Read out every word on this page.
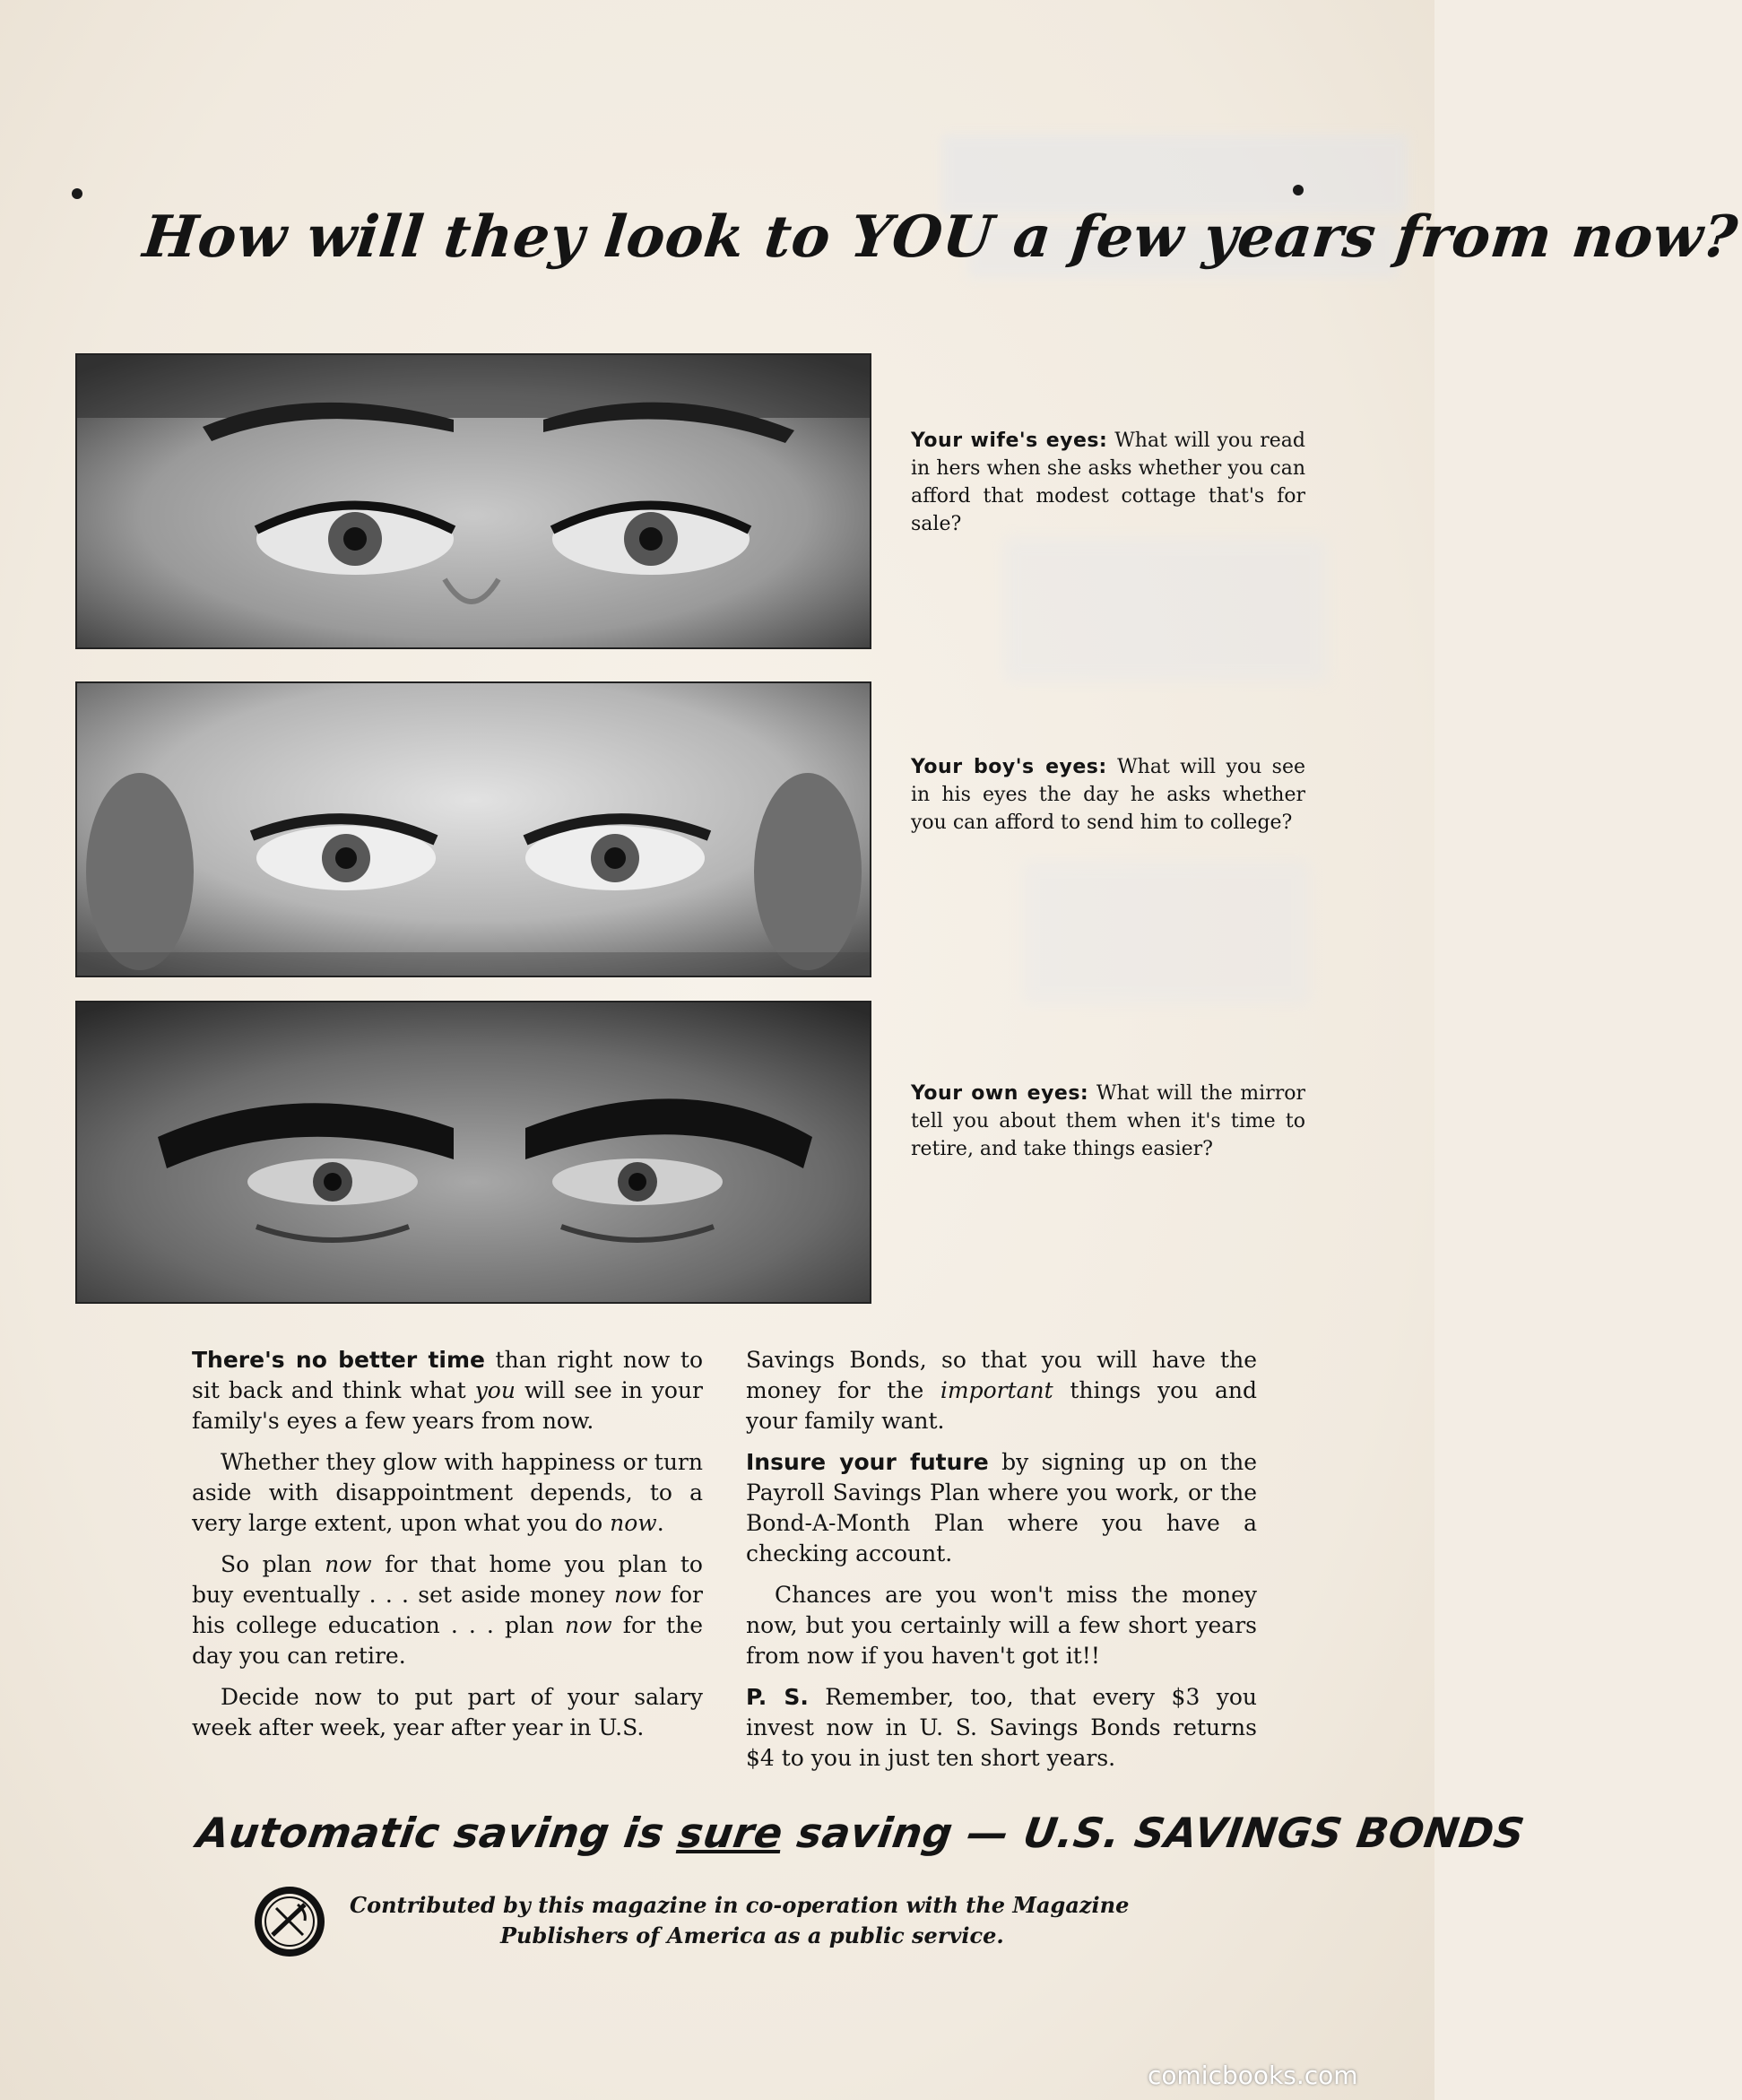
How will they look to YOU a few years from now?
Your wife's eyes: What will you read in hers when she asks whether you can afford that modest cottage that's for sale?
Your boy's eyes: What will you see in his eyes the day he asks whether you can afford to send him to college?
Your own eyes: What will the mirror tell you about them when it's time to retire, and take things easier?

There's no better time than right now to sit back and think what you will see in your family's eyes a few years from now.

Whether they glow with happiness or turn aside with disappointment depends, to a very large extent, upon what you do now.

So plan now for that home you plan to buy eventually . . . set aside money now for his college education . . . plan now for the day you can retire.

Decide now to put part of your salary week after week, year after year in U.S.

Savings Bonds, so that you will have the money for the important things you and your family want.

Insure your future by signing up on the Payroll Savings Plan where you work, or the Bond-A-Month Plan where you have a checking account.

Chances are you won't miss the money now, but you certainly will a few short years from now if you haven't got it!!

P. S. Remember, too, that every $3 you invest now in U. S. Savings Bonds returns $4 to you in just ten short years.

Automatic saving is sure saving — U.S. SAVINGS BONDS
Contributed by this magazine in co-operation with the Magazine
Publishers of America as a public service.
comicbooks.com
